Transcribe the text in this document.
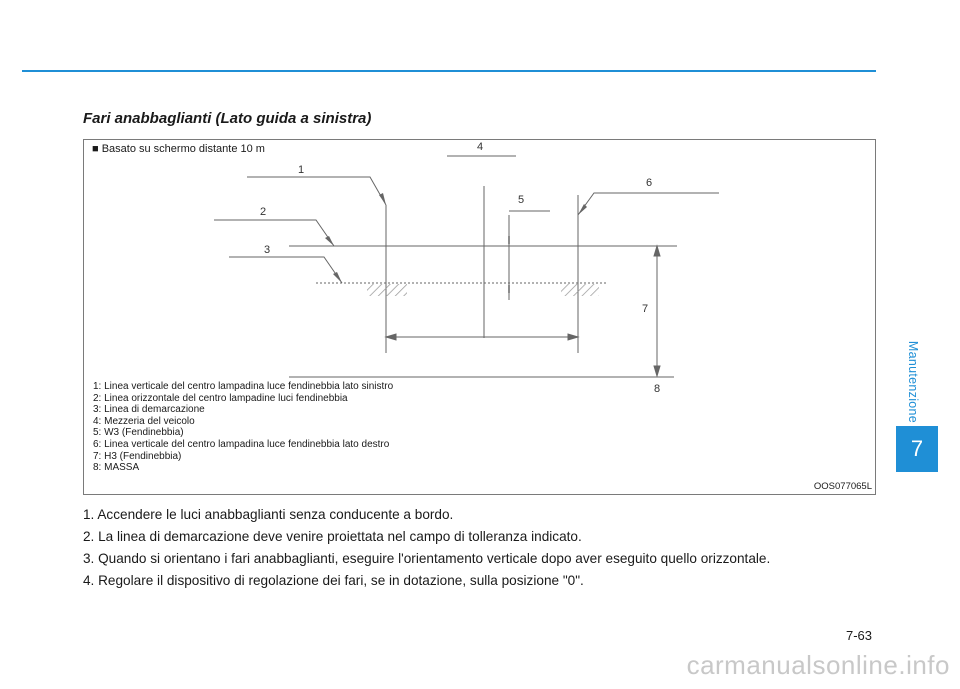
Fari anabbaglianti (Lato guida a sinistra)
1
2
3
4
5
6
7
8
■ Basato su schermo distante 10 m
1: Linea verticale del centro lampadina luce fendinebbia lato sinistro
2: Linea orizzontale del centro lampadine luci fendinebbia
3: Linea di demarcazione
4: Mezzeria del veicolo
5: W3 (Fendinebbia)
6: Linea verticale del centro lampadina luce fendinebbia lato destro
7: H3 (Fendinebbia)
8: MASSA
OOS077065L
1. Accendere le luci anabbaglianti senza conducente a bordo.
2. La linea di demarcazione deve venire proiettata nel campo di tolleranza indicato.
3. Quando si orientano i fari anabbaglianti, eseguire l'orientamento verticale dopo aver eseguito quello orizzontale.
4. Regolare il dispositivo di regolazione dei fari, se in dotazione, sulla posizione "0".
Manutenzione
7
7-63
carmanualsonline.info
